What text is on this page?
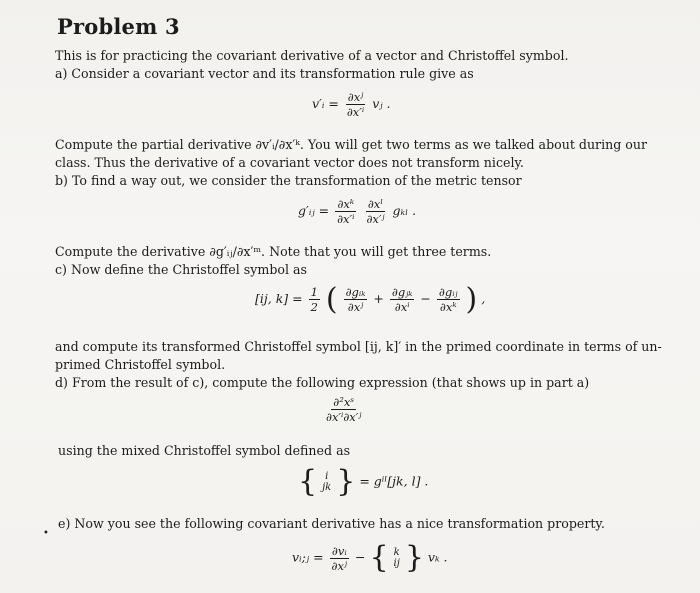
Problem 3
This is for practicing the covariant derivative of a vector and Christoffel symbol.
a) Consider a covariant vector and its transformation rule give as
v′ᵢ = $\frac{\text{∂xʲ}}{\text{∂x′ⁱ}}$ vⱼ .
Compute the partial derivative ∂v′ᵢ/∂x′ᵏ. You will get two terms as we talked about during our
class. Thus the derivative of a covariant vector does not transform nicely.
b) To find a way out, we consider the transformation of the metric tensor
g′ᵢⱼ = $\frac{\text{∂xᵏ}}{\text{∂x′ⁱ}}$
$\frac{\text{∂xˡ}}{\text{∂x′ʲ}}$ gₖₗ .
Compute the derivative ∂g′ᵢⱼ/∂x′ᵐ. Note that you will get three terms.
c) Now define the Christoffel symbol as
[ij, $k] = \frac{1}{2}$ ( $\frac{\text{∂gᵢₖ}}{\text{∂xʲ}} + \frac{\text{∂gⱼₖ}}{\text{∂xⁱ}} - \frac{\text{∂gᵢⱼ}}{\text{∂xᵏ}}$ ) ,
and compute its transformed Christoffel symbol [ij, k]′ in the primed coordinate in terms of un-
primed Christoffel symbol.
d) From the result of c), compute the following expression (that shows up in part a)
$\frac{\text{∂²xˢ}}{\text{∂x′ⁱ∂x′ʲ}}$
using the mixed Christoffel symbol defined as
{ i
jk } = gⁱˡ[jk, l] .
•
e) Now you see the following covariant derivative has a nice transformation property.
vᵢ;ⱼ = $\frac{\text{∂vᵢ}}{\text{∂xʲ}}$ − { k
ij } vₖ .
